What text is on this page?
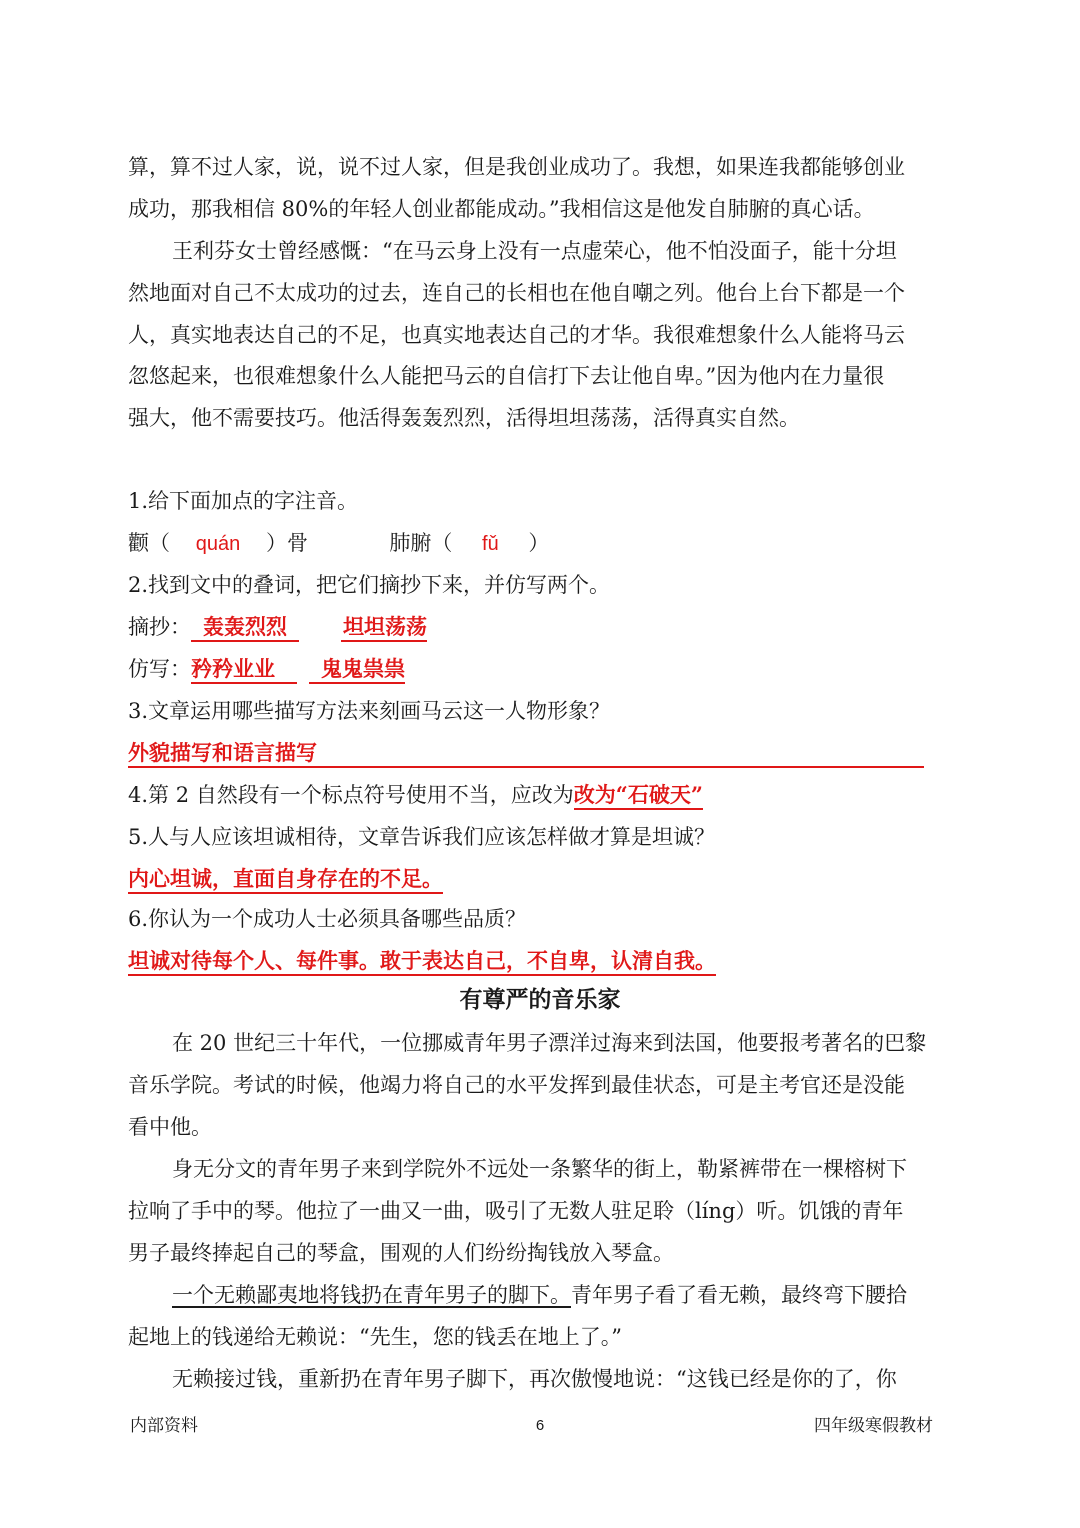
算，算不过人家，说，说不过人家，但是我创业成功了。我想，如果连我都能够创业
成功，那我相信 80%的年轻人创业都能成动。”我相信这是他发自肺腑的真心话。
王利芬女士曾经感慨：“在马云身上没有一点虚荣心，他不怕没面子，能十分坦
然地面对自己不太成功的过去，连自己的长相也在他自嘲之列。他台上台下都是一个
人，真实地表达自己的不足，也真实地表达自己的才华。我很难想象什么人能将马云
忽悠起来，也很难想象什么人能把马云的自信打下去让他自卑。”因为他内在力量很
强大，他不需要技巧。他活得轰轰烈烈，活得坦坦荡荡，活得真实自然。
1.给下面加点的字注音。
颧（ quán ）骨	肺腑（ fǔ ）
2.找到文中的叠词，把它们摘抄下来，并仿写两个。
摘抄： 轰轰烈烈	坦坦荡荡
仿写：矜矜业业 鬼鬼祟祟
3.文章运用哪些描写方法来刻画马云这一人物形象？
外貌描写和语言描写
4.第 2 自然段有一个标点符号使用不当，应改为改为“石破天”
5.人与人应该坦诚相待，文章告诉我们应该怎样做才算是坦诚？
内心坦诚，直面自身存在的不足。
6.你认为一个成功人士必须具备哪些品质？
坦诚对待每个人、每件事。敢于表达自己，不自卑，认清自我。
有尊严的音乐家
在 20 世纪三十年代，一位挪威青年男子漂洋过海来到法国，他要报考著名的巴黎
音乐学院。考试的时候，他竭力将自己的水平发挥到最佳状态，可是主考官还是没能
看中他。
身无分文的青年男子来到学院外不远处一条繁华的街上，勒紧裤带在一棵榕树下
拉响了手中的琴。他拉了一曲又一曲，吸引了无数人驻足聆（líng）听。饥饿的青年
男子最终捧起自己的琴盒，围观的人们纷纷掏钱放入琴盒。
一个无赖鄙夷地将钱扔在青年男子的脚下。青年男子看了看无赖，最终弯下腰拾
起地上的钱递给无赖说：“先生，您的钱丢在地上了。”
无赖接过钱，重新扔在青年男子脚下，再次傲慢地说：“这钱已经是你的了，你
内部资料	6	四年级寒假教材
